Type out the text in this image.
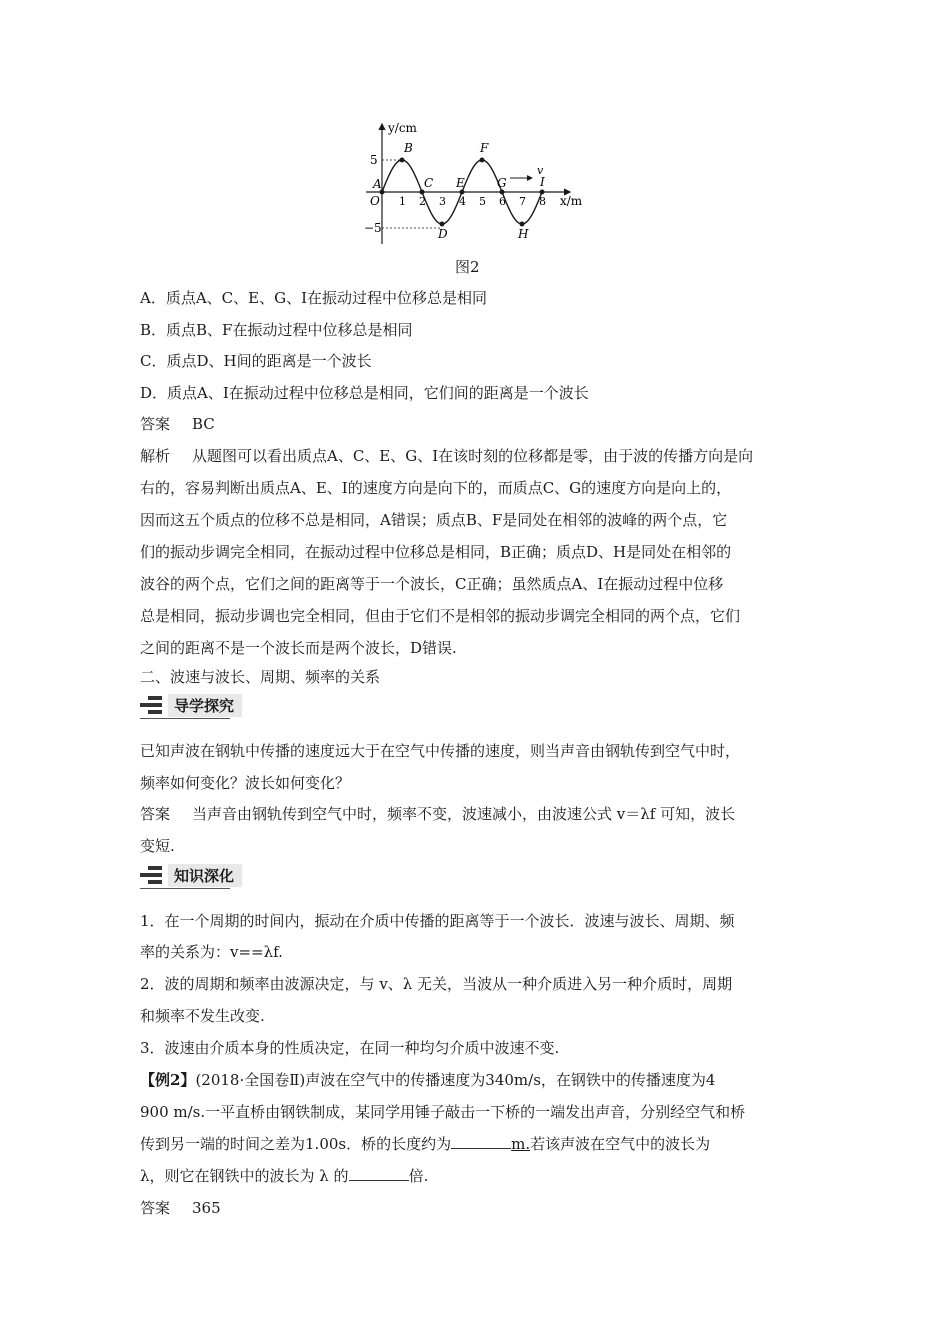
v
y/cm
x/m
O
5
−5
1 2 3 4 5 6 7 8
A
B
C
D
E
F
G
H
I
图2
A．质点A、C、E、G、I在振动过程中位移总是相同
B．质点B、F在振动过程中位移总是相同
C．质点D、H间的距离是一个波长
D．质点A、I在振动过程中位移总是相同，它们间的距离是一个波长
答案 BC
解析 从题图可以看出质点A、C、E、G、I在该时刻的位移都是零，由于波的传播方向是向
右的，容易判断出质点A、E、I的速度方向是向下的，而质点C、G的速度方向是向上的，
因而这五个质点的位移不总是相同，A错误；质点B、F是同处在相邻的波峰的两个点，它
们的振动步调完全相同，在振动过程中位移总是相同，B正确；质点D、H是同处在相邻的
波谷的两个点，它们之间的距离等于一个波长，C正确；虽然质点A、I在振动过程中位移
总是相同，振动步调也完全相同，但由于它们不是相邻的振动步调完全相同的两个点，它们
之间的距离不是一个波长而是两个波长，D错误.
二、波速与波长、周期、频率的关系
导学探究
已知声波在钢轨中传播的速度远大于在空气中传播的速度，则当声音由钢轨传到空气中时，
频率如何变化？波长如何变化？
答案 当声音由钢轨传到空气中时，频率不变，波速减小，由波速公式 v＝λf 可知，波长
变短.
知识深化
1．在一个周期的时间内，振动在介质中传播的距离等于一个波长．波速与波长、周期、频
率的关系为：v==λf.
2．波的周期和频率由波源决定，与 v、λ 无关，当波从一种介质进入另一种介质时，周期
和频率不发生改变.
3．波速由介质本身的性质决定，在同一种均匀介质中波速不变.
【例2】(2018·全国卷Ⅱ)声波在空气中的传播速度为340m/s，在钢铁中的传播速度为4
900 m/s.一平直桥由钢铁制成，某同学用锤子敲击一下桥的一端发出声音，分别经空气和桥
传到另一端的时间之差为1.00s．桥的长度约为	m.若该声波在空气中的波长为
λ，则它在钢铁中的波长为 λ 的	倍.
答案 365
